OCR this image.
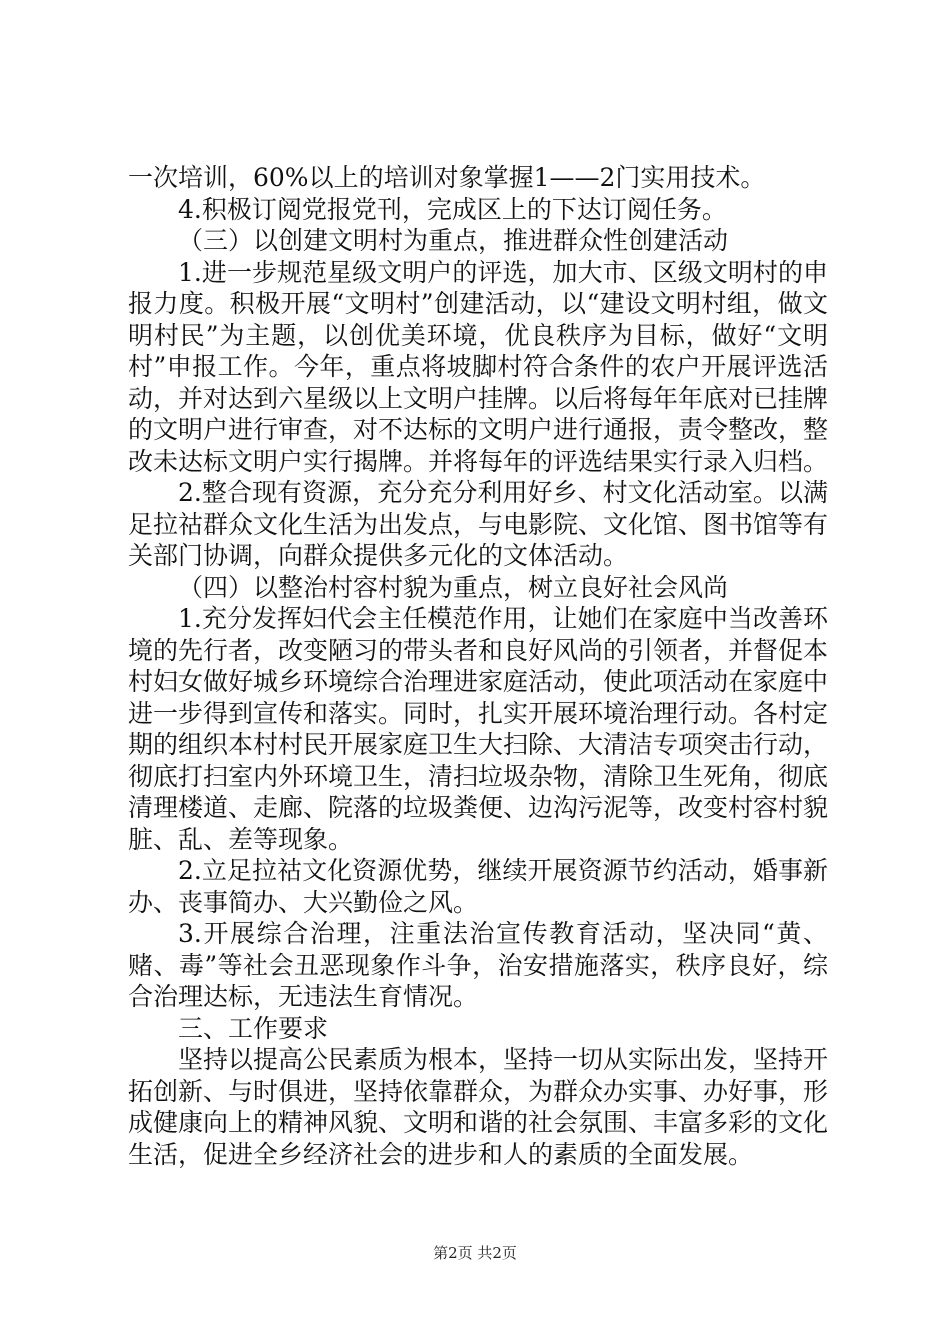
一次培训，60%以上的培训对象掌握1——2门实用技术。

4.积极订阅党报党刊，完成区上的下达订阅任务。

（三）以创建文明村为重点，推进群众性创建活动

1.进一步规范星级文明户的评选，加大市、区级文明村的申报力度。积极开展“文明村”创建活动，以“建设文明村组，做文明村民”为主题，以创优美环境，优良秩序为目标，做好“文明村”申报工作。今年，重点将坡脚村符合条件的农户开展评选活动，并对达到六星级以上文明户挂牌。以后将每年年底对已挂牌的文明户进行审查，对不达标的文明户进行通报，责令整改，整改未达标文明户实行揭牌。并将每年的评选结果实行录入归档。

2.整合现有资源，充分充分利用好乡、村文化活动室。以满足拉祜群众文化生活为出发点，与电影院、文化馆、图书馆等有关部门协调，向群众提供多元化的文体活动。

（四）以整治村容村貌为重点，树立良好社会风尚

1.充分发挥妇代会主任模范作用，让她们在家庭中当改善环境的先行者，改变陋习的带头者和良好风尚的引领者，并督促本村妇女做好城乡环境综合治理进家庭活动，使此项活动在家庭中进一步得到宣传和落实。同时，扎实开展环境治理行动。各村定期的组织本村村民开展家庭卫生大扫除、大清洁专项突击行动，彻底打扫室内外环境卫生，清扫垃圾杂物，清除卫生死角，彻底清理楼道、走廊、院落的垃圾粪便、边沟污泥等，改变村容村貌脏、乱、差等现象。

2.立足拉祜文化资源优势，继续开展资源节约活动，婚事新办、丧事简办、大兴勤俭之风。

3.开展综合治理，注重法治宣传教育活动，坚决同“黄、赌、毒”等社会丑恶现象作斗争，治安措施落实，秩序良好，综合治理达标，无违法生育情况。

三、工作要求

坚持以提高公民素质为根本，坚持一切从实际出发，坚持开拓创新、与时俱进，坚持依靠群众，为群众办实事、办好事，形成健康向上的精神风貌、文明和谐的社会氛围、丰富多彩的文化生活，促进全乡经济社会的进步和人的素质的全面发展。

第2页 共2页
